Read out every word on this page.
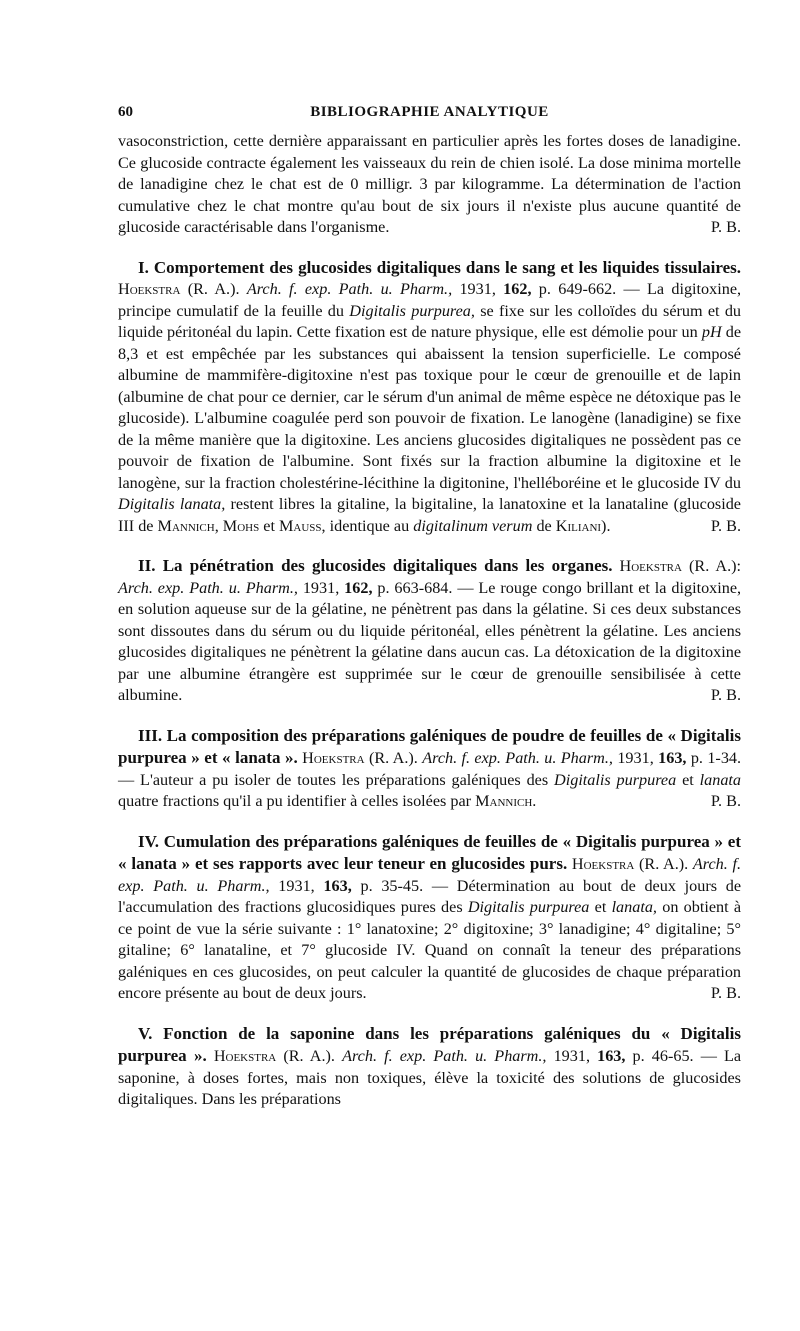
60	BIBLIOGRAPHIE ANALYTIQUE

vasoconstriction, cette dernière apparaissant en particulier après les fortes doses de lanadigine. Ce glucoside contracte également les vaisseaux du rein de chien isolé. La dose minima mortelle de lanadigine chez le chat est de 0 milligr. 3 par kilogramme. La détermination de l'action cumulative chez le chat montre qu'au bout de six jours il n'existe plus aucune quantité de glucoside caractérisable dans l'organisme.	P. B.

I. Comportement des glucosides digitaliques dans le sang et les liquides tissulaires. Hoekstra (R. A.). Arch. f. exp. Path. u. Pharm., 1931, 162, p. 649-662. — La digitoxine, principe cumulatif de la feuille du Digitalis purpurea, se fixe sur les colloïdes du sérum et du liquide péritonéal du lapin. Cette fixation est de nature physique, elle est démolie pour un pH de 8,3 et est empêchée par les substances qui abaissent la tension superficielle. Le composé albumine de mammifère-digitoxine n'est pas toxique pour le cœur de grenouille et de lapin (albumine de chat pour ce dernier, car le sérum d'un animal de même espèce ne détoxique pas le glucoside). L'albumine coagulée perd son pouvoir de fixation. Le lanogène (lanadigine) se fixe de la même manière que la digitoxine. Les anciens glucosides digitaliques ne possèdent pas ce pouvoir de fixation de l'albumine. Sont fixés sur la fraction albumine la digitoxine et le lanogène, sur la fraction cholestérine-lécithine la digitonine, l'helléboréine et le glucoside IV du Digitalis lanata, restent libres la gitaline, la bigitaline, la lanatoxine et la lanataline (glucoside III de Mannich, Mohs et Mauss, identique au digitalinum verum de Kiliani).	P. B.

II. La pénétration des glucosides digitaliques dans les organes. Hoekstra (R. A.): Arch. exp. Path. u. Pharm., 1931, 162, p. 663-684. — Le rouge congo brillant et la digitoxine, en solution aqueuse sur de la gélatine, ne pénètrent pas dans la gélatine. Si ces deux substances sont dissoutes dans du sérum ou du liquide péritonéal, elles pénètrent la gélatine. Les anciens glucosides digitaliques ne pénètrent la gélatine dans aucun cas. La détoxication de la digitoxine par une albumine étrangère est supprimée sur le cœur de grenouille sensibilisée à cette albumine.	P. B.

III. La composition des préparations galéniques de poudre de feuilles de « Digitalis purpurea » et « lanata ». Hoekstra (R. A.). Arch. f. exp. Path. u. Pharm., 1931, 163, p. 1-34. — L'auteur a pu isoler de toutes les préparations galéniques des Digitalis purpurea et lanata quatre fractions qu'il a pu identifier à celles isolées par Mannich.	P. B.

IV. Cumulation des préparations galéniques de feuilles de « Digitalis purpurea » et « lanata » et ses rapports avec leur teneur en glucosides purs. Hoekstra (R. A.). Arch. f. exp. Path. u. Pharm., 1931, 163, p. 35-45. — Détermination au bout de deux jours de l'accumulation des fractions glucosidiques pures des Digitalis purpurea et lanata, on obtient à ce point de vue la série suivante : 1° lanatoxine; 2° digitoxine; 3° lanadigine; 4° digitaline; 5° gitaline; 6° lanataline, et 7° glucoside IV. Quand on connaît la teneur des préparations galéniques en ces glucosides, on peut calculer la quantité de glucosides de chaque préparation encore présente au bout de deux jours.	P. B.

V. Fonction de la saponine dans les préparations galéniques du « Digitalis purpurea ». Hoekstra (R. A.). Arch. f. exp. Path. u. Pharm., 1931, 163, p. 46-65. — La saponine, à doses fortes, mais non toxiques, élève la toxicité des solutions de glucosides digitaliques. Dans les préparations
